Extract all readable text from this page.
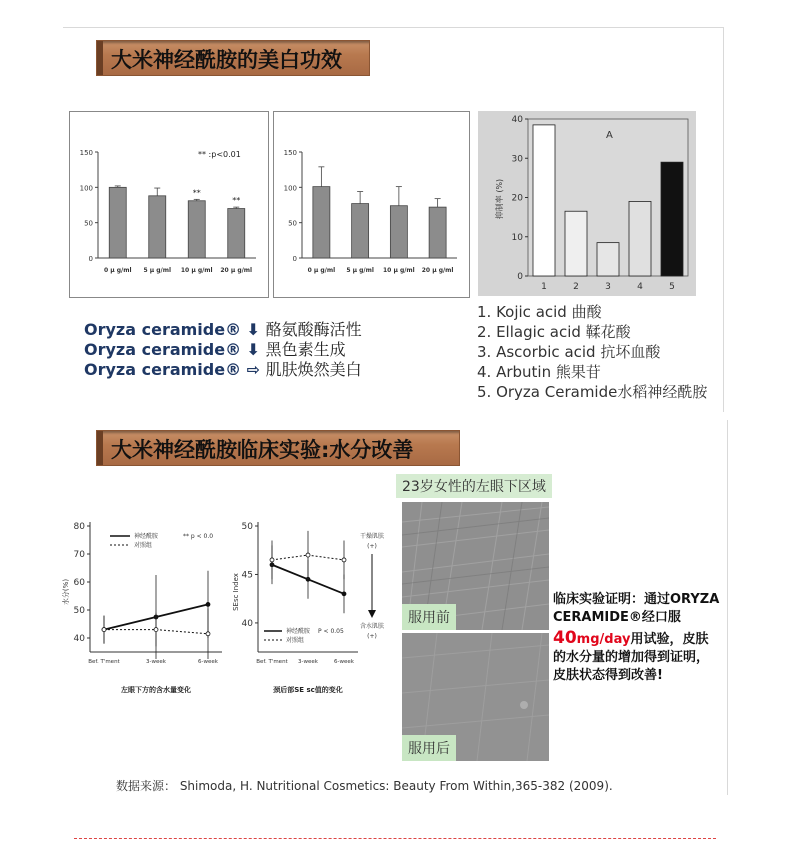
大米神经酰胺的美白功效
150
100
50
0
0 μ g/ml 5 μ g/ml 10 μ g/ml
**
20 μ g/ml
**
** :p<0.01	150
100
50
0
0 μ g/ml 5 μ g/ml 10 μ g/ml 20 μ g/ml
40
30
20
10
0
抑制率 (%)
1	2	3	4	5
A
Oryza ceramide® ⬇ 酪氨酸酶活性
Oryza ceramide® ⬇ 黑色素生成
Oryza ceramide® ⇨ 肌肤焕然美白
1. Kojic acid 曲酸
2. Ellagic acid 鞣花酸
3. Ascorbic acid 抗坏血酸
4. Arbutin 熊果苷
5. Oryza Ceramide水稻神经酰胺
大米神经酰胺临床实验:水分改善
80
70
60
50
40
Bef. T'ment	3-week	6-week
左眼下方的含水量变化
水分(%)
神经酰胺
对照组
** p < 0.0
50
45
40
Bef. T'ment 3-week	6-week
颈后部SE sc值的变化
SEsc Index
干燥肌肤
(+)
含水肌肤
(+)
神经酰胺
对照组
P < 0.05
23岁女性的左眼下区域
服用前
服用后
临床实验证明：通过ORYZA
CERAMIDE®经口服
40mg/day用试验，皮肤
的水分量的增加得到证明，
皮肤状态得到改善!
数据来源： Shimoda, H. Nutritional Cosmetics: Beauty From Within,365-382 (2009).
